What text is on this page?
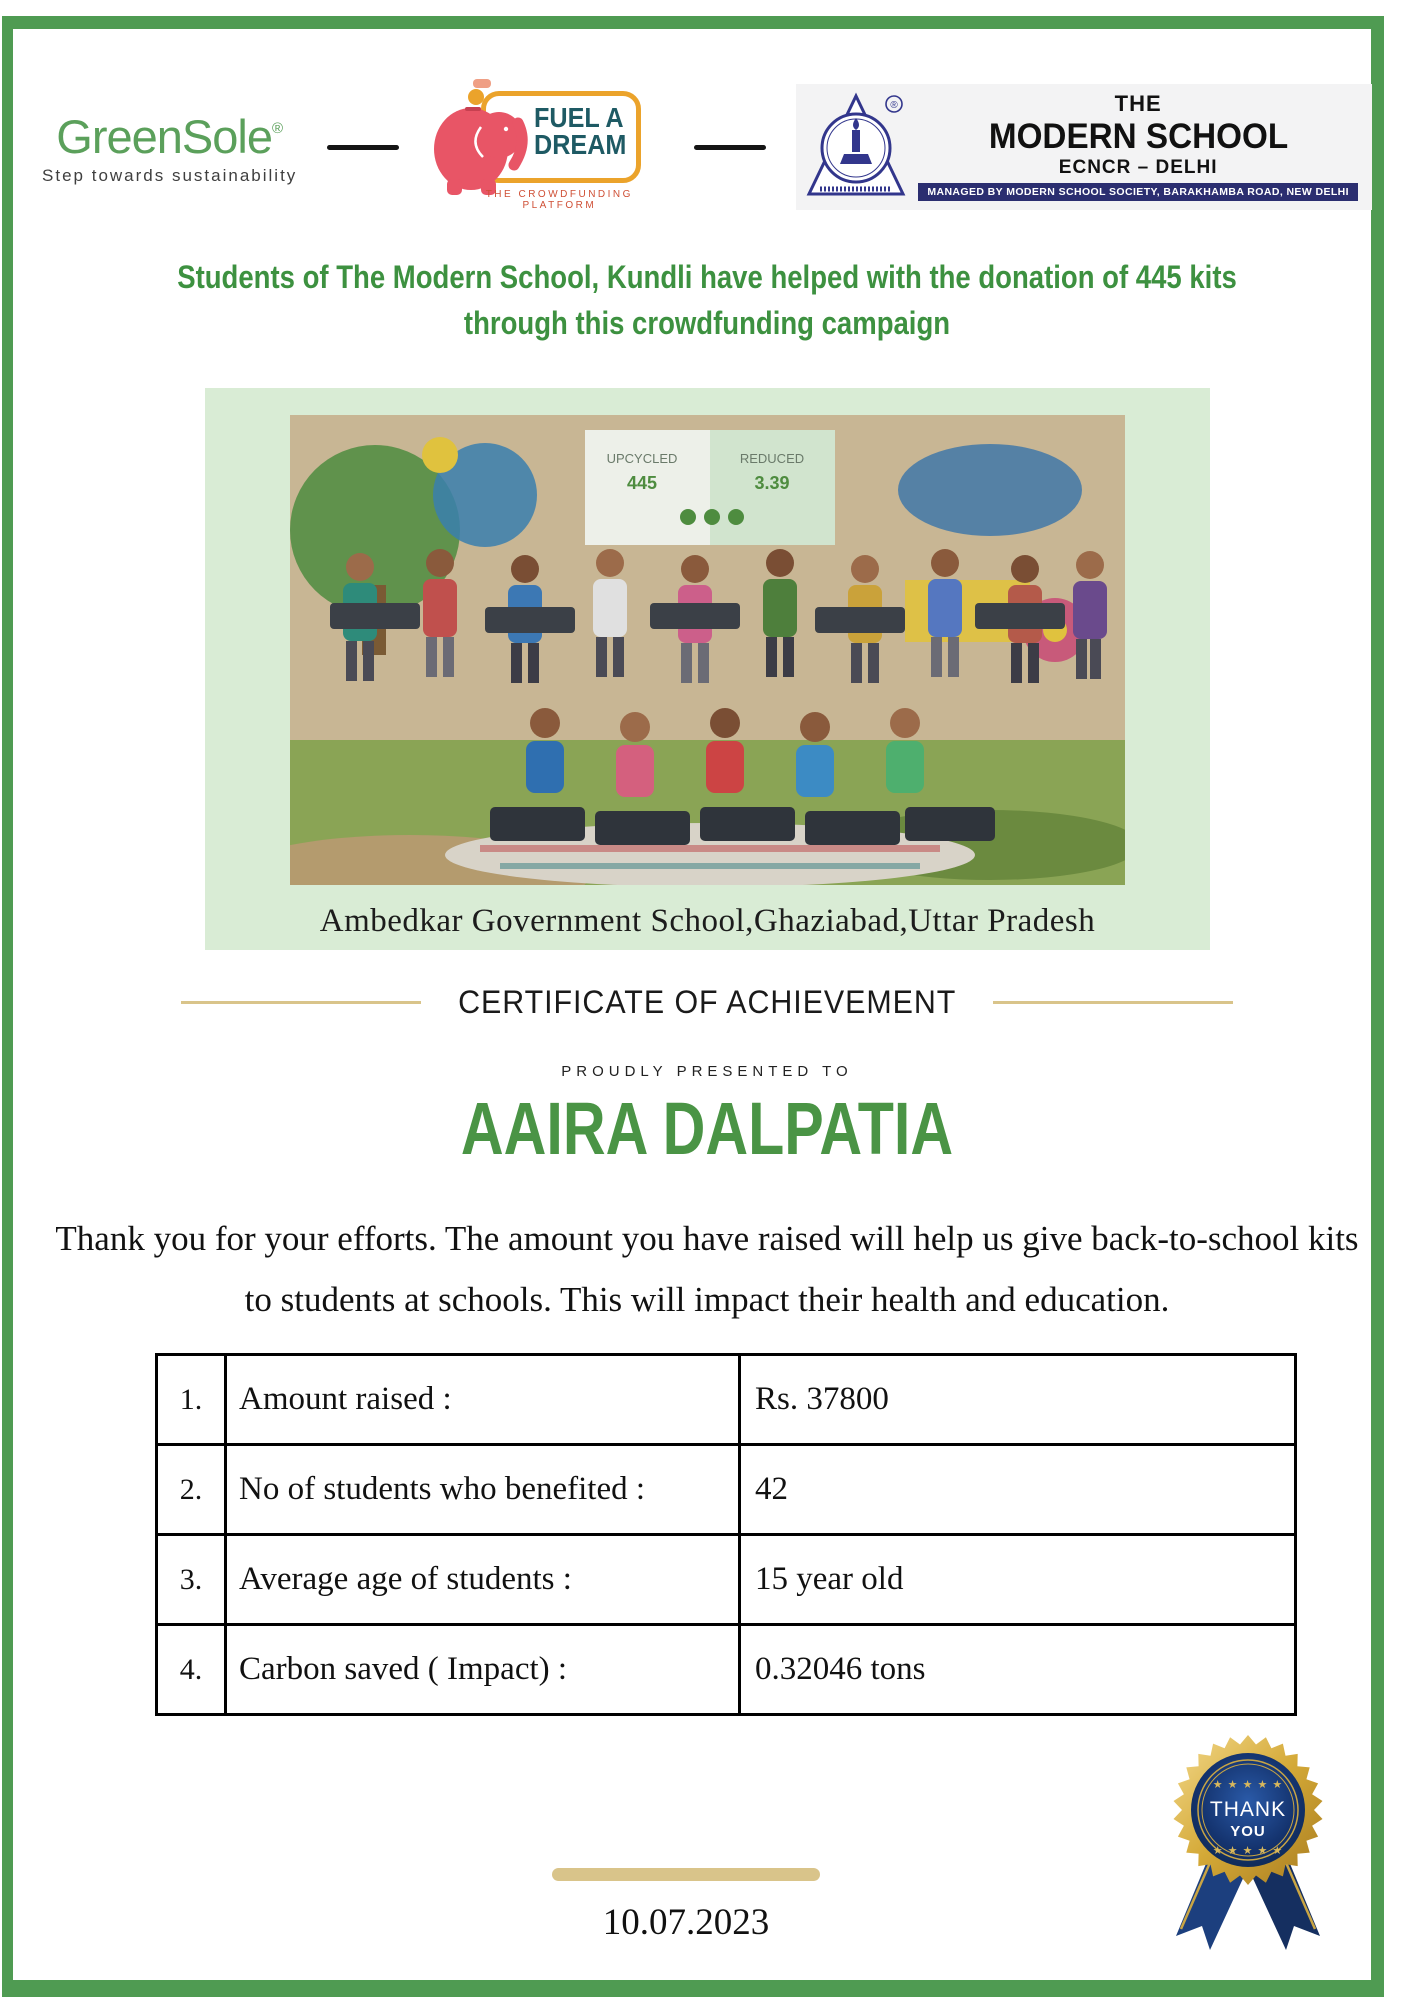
GreenSole®
Step towards sustainability
FUEL A
DREAM
THE CROWDFUNDING PLATFORM
®	THE
MODERN SCHOOL
ECNCR – DELHI
MANAGED BY MODERN SCHOOL SOCIETY, BARAKHAMBA ROAD, NEW DELHI
Students of The Modern School, Kundli have helped with the donation of 445 kits
through this crowdfunding campaign
UPCYCLED
445
REDUCED
3.39
Ambedkar Government School,Ghaziabad,Uttar Pradesh
CERTIFICATE OF ACHIEVEMENT
PROUDLY PRESENTED TO
AAIRA DALPATIA
Thank you for your efforts. The amount you have raised will help us give back-to-school kits to students at schools. This will impact their health and education.
1.	Amount raised :	Rs. 37800
2.	No of students who benefited :	42
3.	Average age of students :	15 year old
4.	Carbon saved ( Impact) :	0.32046 tons
★ ★ ★ ★ ★
THANK
YOU
★ ★ ★ ★ ★
10.07.2023
